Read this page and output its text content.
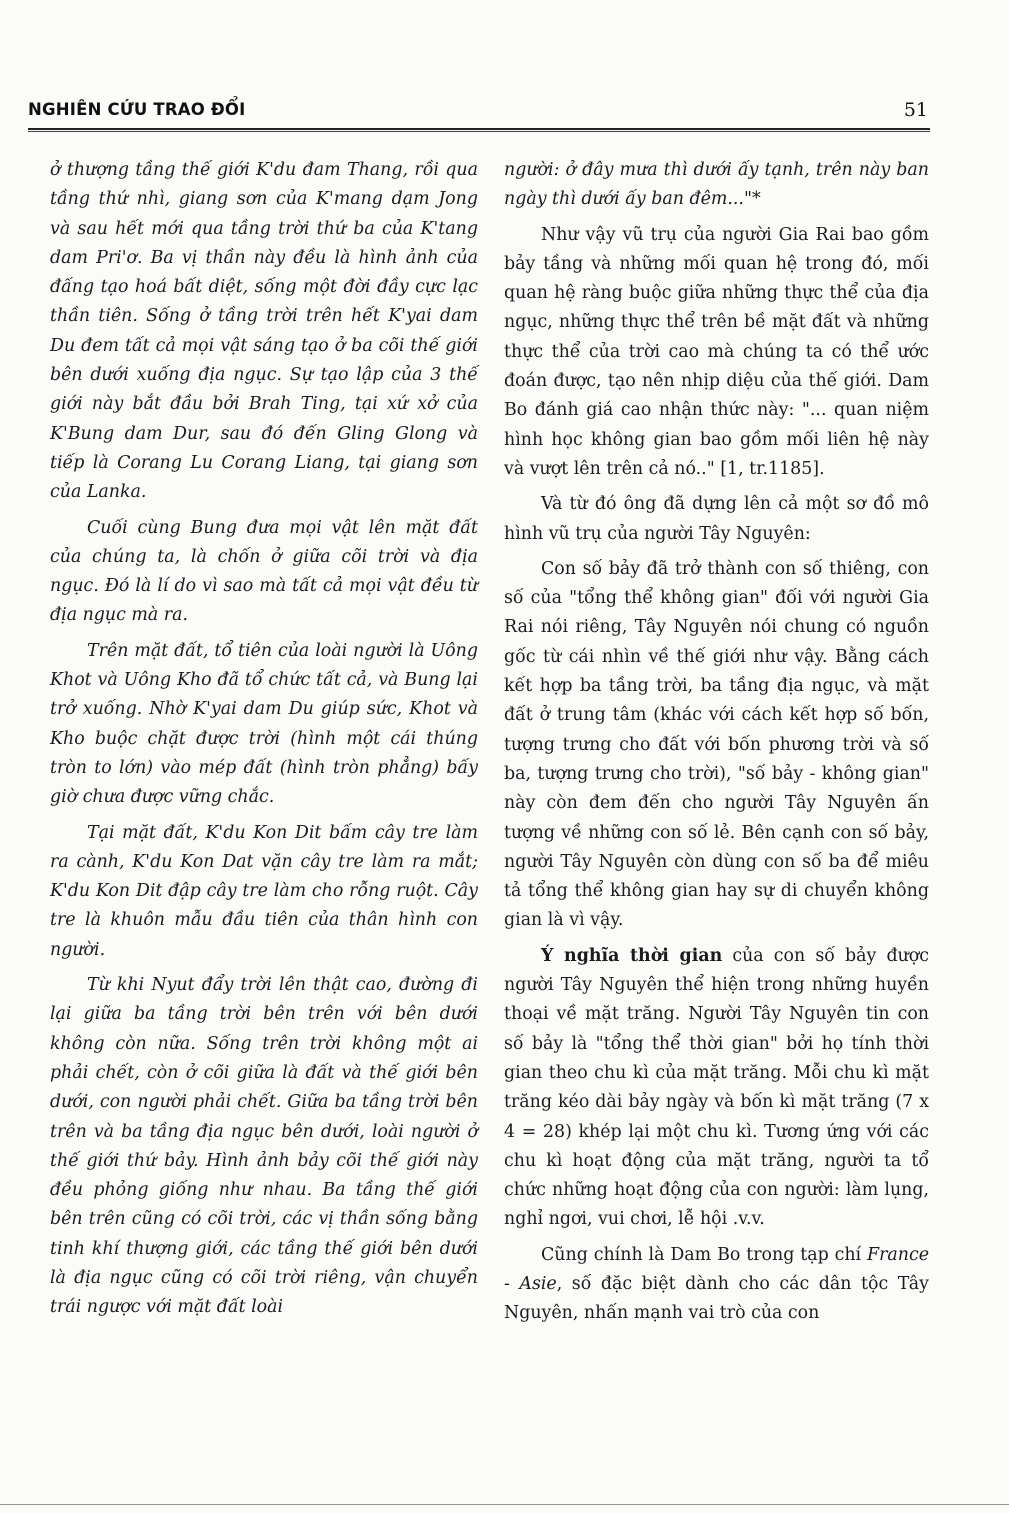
NGHIÊN CỨU TRAO ĐỔI	51

ở thượng tầng thế giới K'du đam Thang, rồi qua tầng thứ nhì, giang sơn của K'mang dạm Jong và sau hết mới qua tầng trời thứ ba của K'tang dam Pri'ơ. Ba vị thần này đều là hình ảnh của đấng tạo hoá bất diệt, sống một đời đầy cực lạc thần tiên. Sống ở tầng trời trên hết K'yai dam Du đem tất cả mọi vật sáng tạo ở ba cõi thế giới bên dưới xuống địa ngục. Sự tạo lập của 3 thế giới này bắt đầu bởi Brah Ting, tại xứ xở của K'Bung dam Dur, sau đó đến Gling Glong và tiếp là Corang Lu Corang Liang, tại giang sơn của Lanka.

Cuối cùng Bung đưa mọi vật lên mặt đất của chúng ta, là chốn ở giữa cõi trời và địa ngục. Đó là lí do vì sao mà tất cả mọi vật đều từ địa ngục mà ra.

Trên mặt đất, tổ tiên của loài người là Uông Khot và Uông Kho đã tổ chức tất cả, và Bung lại trở xuống. Nhờ K'yai dam Du giúp sức, Khot và Kho buộc chặt được trời (hình một cái thúng tròn to lớn) vào mép đất (hình tròn phẳng) bấy giờ chưa được vững chắc.

Tại mặt đất, K'du Kon Dit bấm cây tre làm ra cành, K'du Kon Dat vặn cây tre làm ra mắt; K'du Kon Dit đập cây tre làm cho rỗng ruột. Cây tre là khuôn mẫu đầu tiên của thân hình con người.

Từ khi Nyut đẩy trời lên thật cao, đường đi lại giữa ba tầng trời bên trên với bên dưới không còn nữa. Sống trên trời không một ai phải chết, còn ở cõi giữa là đất và thế giới bên dưới, con người phải chết. Giữa ba tầng trời bên trên và ba tầng địa ngục bên dưới, loài người ở thế giới thứ bảy. Hình ảnh bảy cõi thế giới này đều phỏng giống như nhau. Ba tầng thế giới bên trên cũng có cõi trời, các vị thần sống bằng tinh khí thượng giới, các tầng thế giới bên dưới là địa ngục cũng có cõi trời riêng, vận chuyển trái ngược với mặt đất loài

người: ở đây mưa thì dưới ấy tạnh, trên này ban ngày thì dưới ấy ban đêm..."*

Như vậy vũ trụ của người Gia Rai bao gồm bảy tầng và những mối quan hệ trong đó, mối quan hệ ràng buộc giữa những thực thể của địa ngục, những thực thể trên bề mặt đất và những thực thể của trời cao mà chúng ta có thể ước đoán được, tạo nên nhịp diệu của thế giới. Dam Bo đánh giá cao nhận thức này: "... quan niệm hình học không gian bao gồm mối liên hệ này và vượt lên trên cả nó.." [1, tr.1185].

Và từ đó ông đã dựng lên cả một sơ đồ mô hình vũ trụ của người Tây Nguyên:

Con số bảy đã trở thành con số thiêng, con số của "tổng thể không gian" đối với người Gia Rai nói riêng, Tây Nguyên nói chung có nguồn gốc từ cái nhìn về thế giới như vậy. Bằng cách kết hợp ba tầng trời, ba tầng địa ngục, và mặt đất ở trung tâm (khác với cách kết hợp số bốn, tượng trưng cho đất với bốn phương trời và số ba, tượng trưng cho trời), "số bảy - không gian" này còn đem đến cho người Tây Nguyên ấn tượng về những con số lẻ. Bên cạnh con số bảy, người Tây Nguyên còn dùng con số ba để miêu tả tổng thể không gian hay sự di chuyển không gian là vì vậy.

Ý nghĩa thời gian của con số bảy được người Tây Nguyên thể hiện trong những huyền thoại về mặt trăng. Người Tây Nguyên tin con số bảy là "tổng thể thời gian" bởi họ tính thời gian theo chu kì của mặt trăng. Mỗi chu kì mặt trăng kéo dài bảy ngày và bốn kì mặt trăng (7 x 4 = 28) khép lại một chu kì. Tương ứng với các chu kì hoạt động của mặt trăng, người ta tổ chức những hoạt động của con người: làm lụng, nghỉ ngơi, vui chơi, lễ hội .v.v.

Cũng chính là Dam Bo trong tạp chí France - Asie, số đặc biệt dành cho các dân tộc Tây Nguyên, nhấn mạnh vai trò của con
